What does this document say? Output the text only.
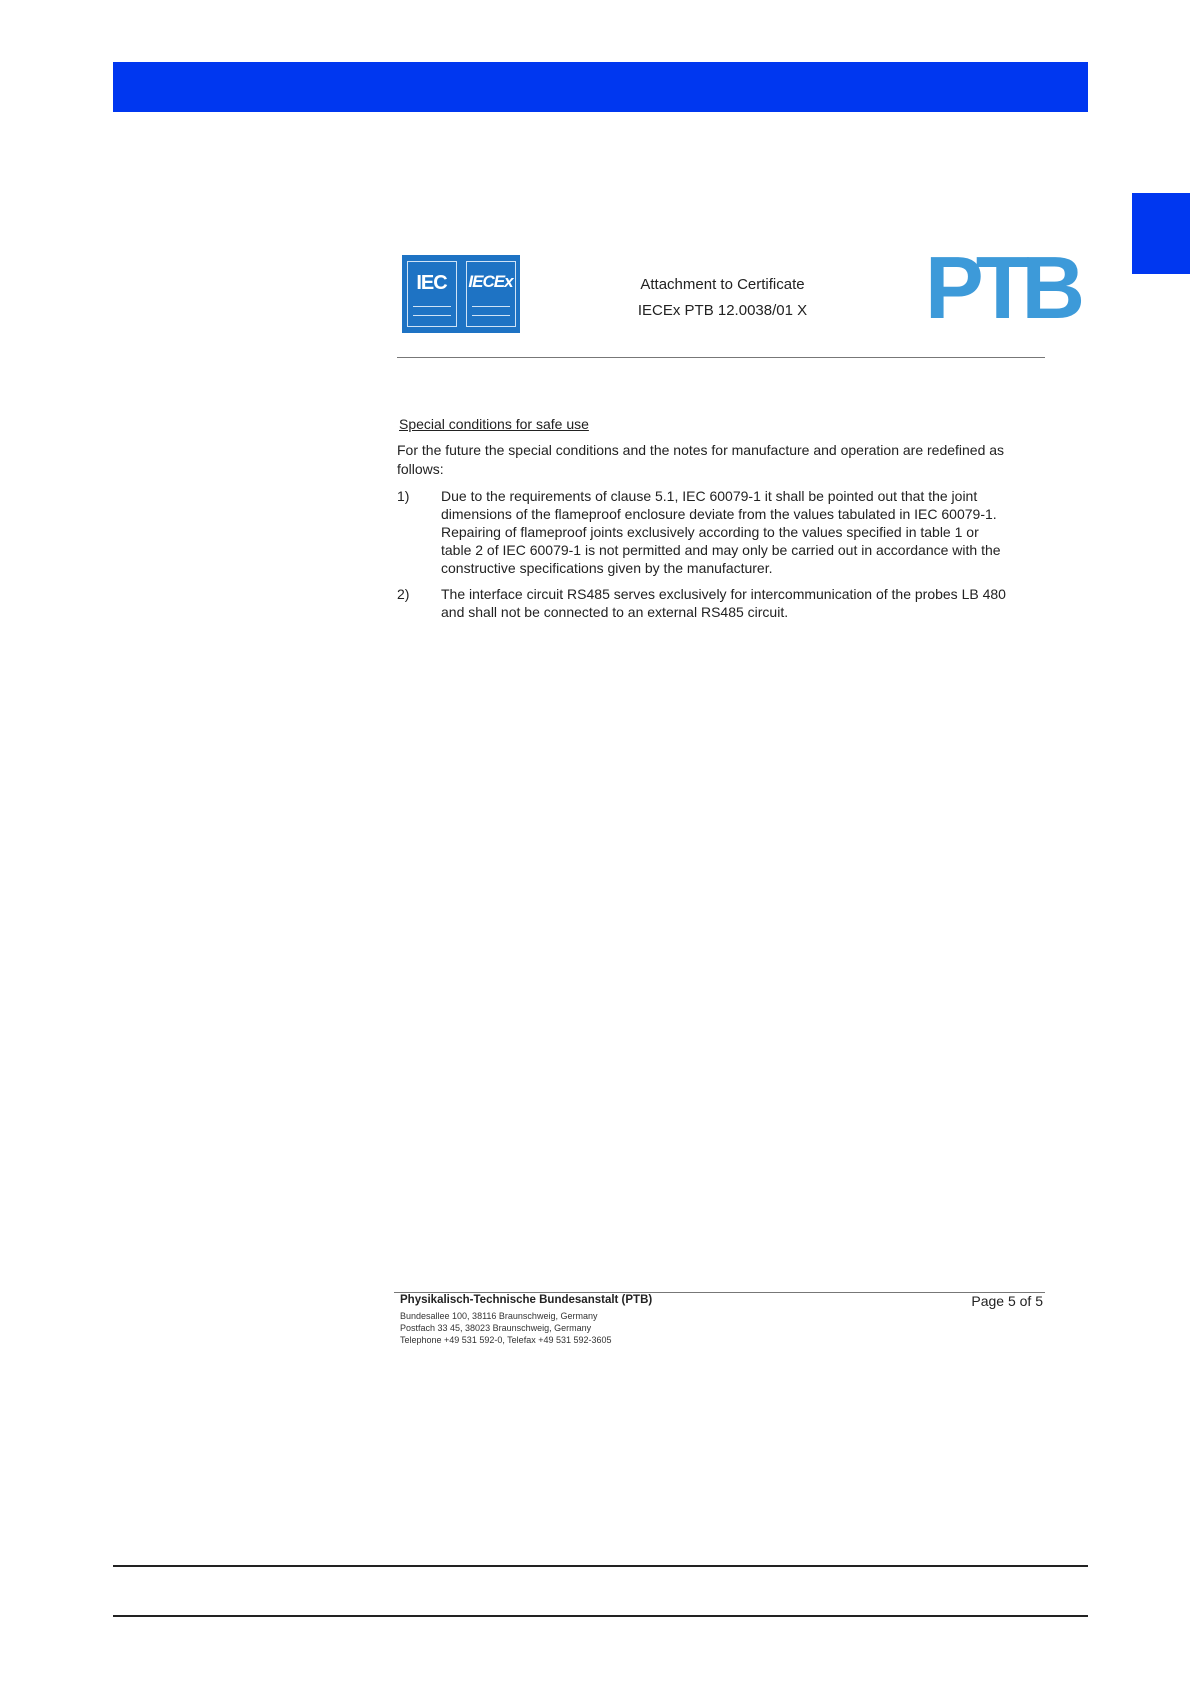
IEC IECEx	Attachment to Certificate
IECEx PTB 12.0038/01 X	PTB
Special conditions for safe use
For the future the special conditions and the notes for manufacture and operation are redefined as follows:
1)	Due to the requirements of clause 5.1, IEC 60079-1 it shall be pointed out that the joint dimensions of the flameproof enclosure deviate from the values tabulated in IEC 60079-1. Repairing of flameproof joints exclusively according to the values specified in table 1 or table 2 of IEC 60079-1 is not permitted and may only be carried out in accordance with the constructive specifications given by the manufacturer.
2)	The interface circuit RS485 serves exclusively for intercommunication of the probes LB 480 and shall not be connected to an external RS485 circuit.
Physikalisch-Technische Bundesanstalt (PTB)
Bundesallee 100, 38116 Braunschweig, Germany
Postfach 33 45, 38023 Braunschweig, Germany
Telephone +49 531 592-0, Telefax +49 531 592-3605
Page 5 of 5
